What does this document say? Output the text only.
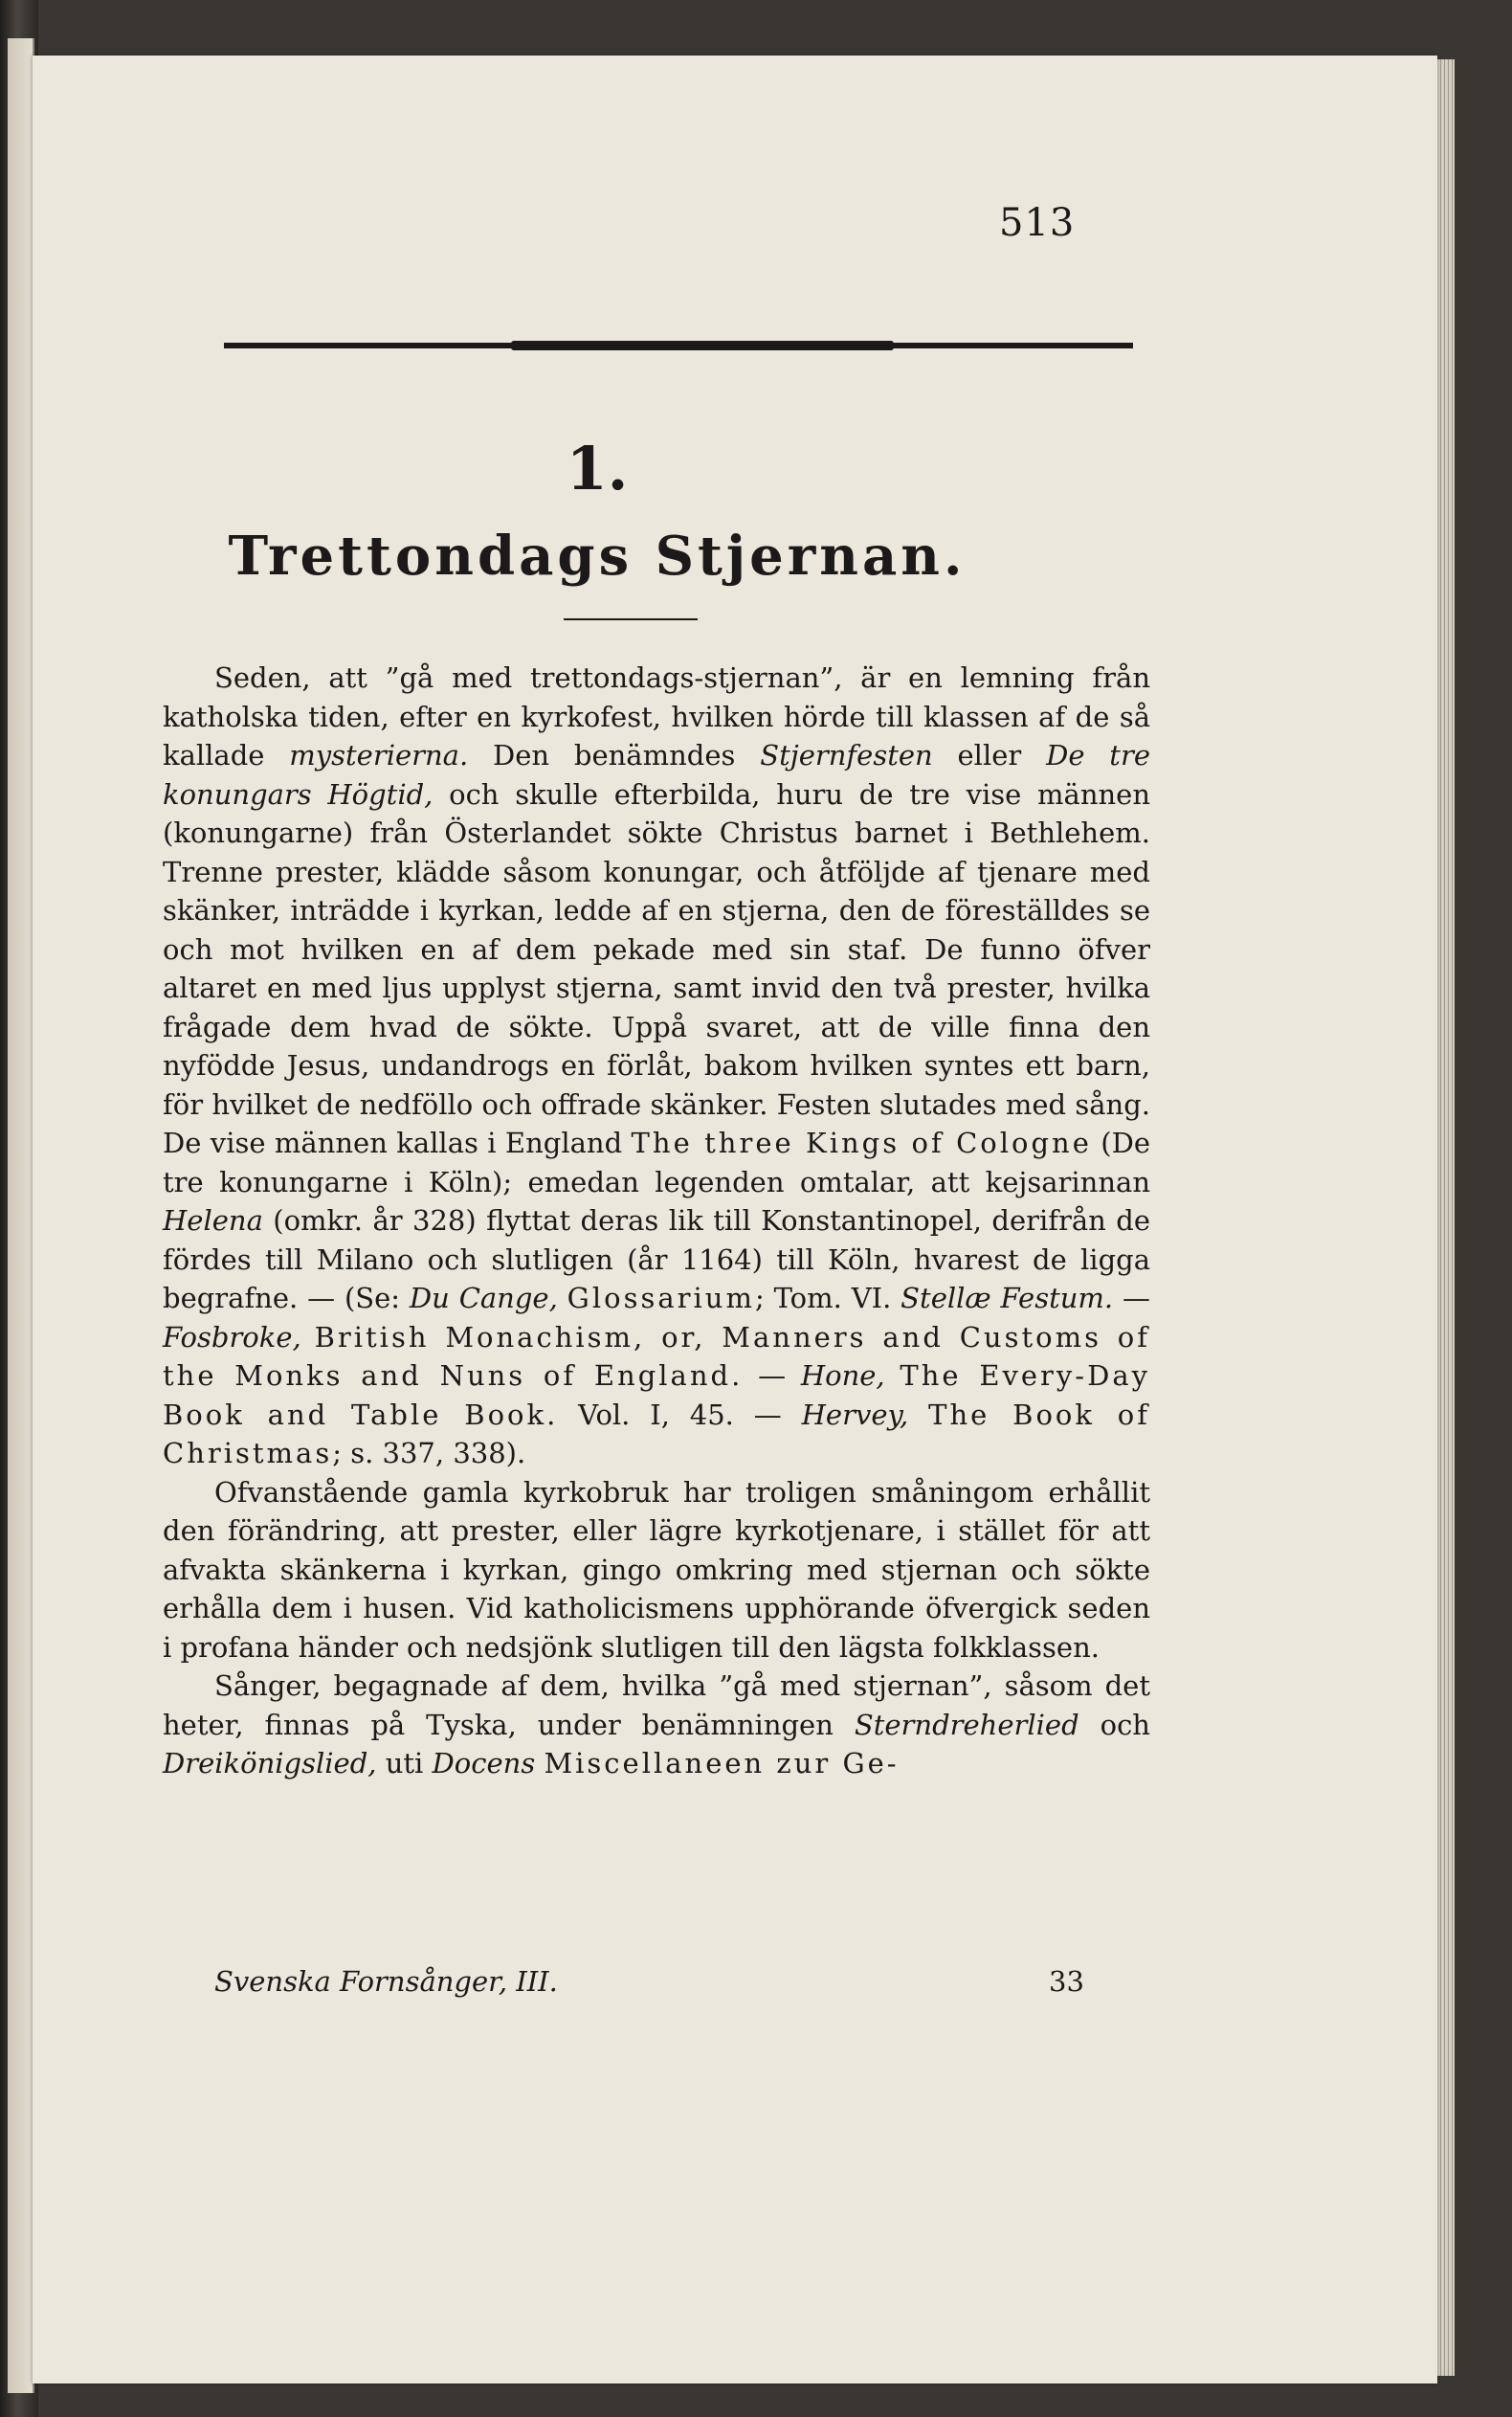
513
1.
Trettondags Stjernan.

Seden, att ”gå med trettondags-stjernan”, är en lemning från katholska tiden, efter en kyrkofest, hvilken hörde till klassen af de så kallade mysterierna. Den benämndes Stjernfesten eller De tre konungars Högtid, och skulle efterbilda, huru de tre vise männen (konungarne) från Österlandet sökte Christus barnet i Bethlehem. Trenne prester, klädde såsom konungar, och åtföljde af tjenare med skänker, inträdde i kyrkan, ledde af en stjerna, den de föreställdes se och mot hvilken en af dem pekade med sin staf. De funno öfver altaret en med ljus upplyst stjerna, samt invid den två prester, hvilka frågade dem hvad de sökte. Uppå svaret, att de ville finna den nyfödde Jesus, undandrogs en förlåt, bakom hvilken syntes ett barn, för hvilket de nedföllo och offrade skänker. Festen slutades med sång. De vise männen kallas i England The three Kings of Cologne (De tre konungarne i Köln); emedan legenden omtalar, att kejsarinnan Helena (omkr. år 328) flyttat deras lik till Konstantinopel, derifrån de fördes till Milano och slutligen (år 1164) till Köln, hvarest de ligga begrafne. — (Se: Du Cange, Glossarium; Tom. VI. Stellæ Festum. — Fosbroke, British Monachism, or, Manners and Customs of the Monks and Nuns of England. — Hone, The Every-Day Book and Table Book. Vol. I, 45. — Hervey, The Book of Christmas; s. 337, 338).

Ofvanstående gamla kyrkobruk har troligen småningom erhållit den förändring, att prester, eller lägre kyrkotjenare, i stället för att afvakta skänkerna i kyrkan, gingo omkring med stjernan och sökte erhålla dem i husen. Vid katholicismens upphörande öfvergick seden i profana händer och nedsjönk slutligen till den lägsta folkklassen.

Sånger, begagnade af dem, hvilka ”gå med stjernan”, såsom det heter, finnas på Tyska, under benämningen Sterndreherlied och Dreikönigslied, uti Docens Miscellaneen zur Ge-

Svenska Fornsånger, III.	33
